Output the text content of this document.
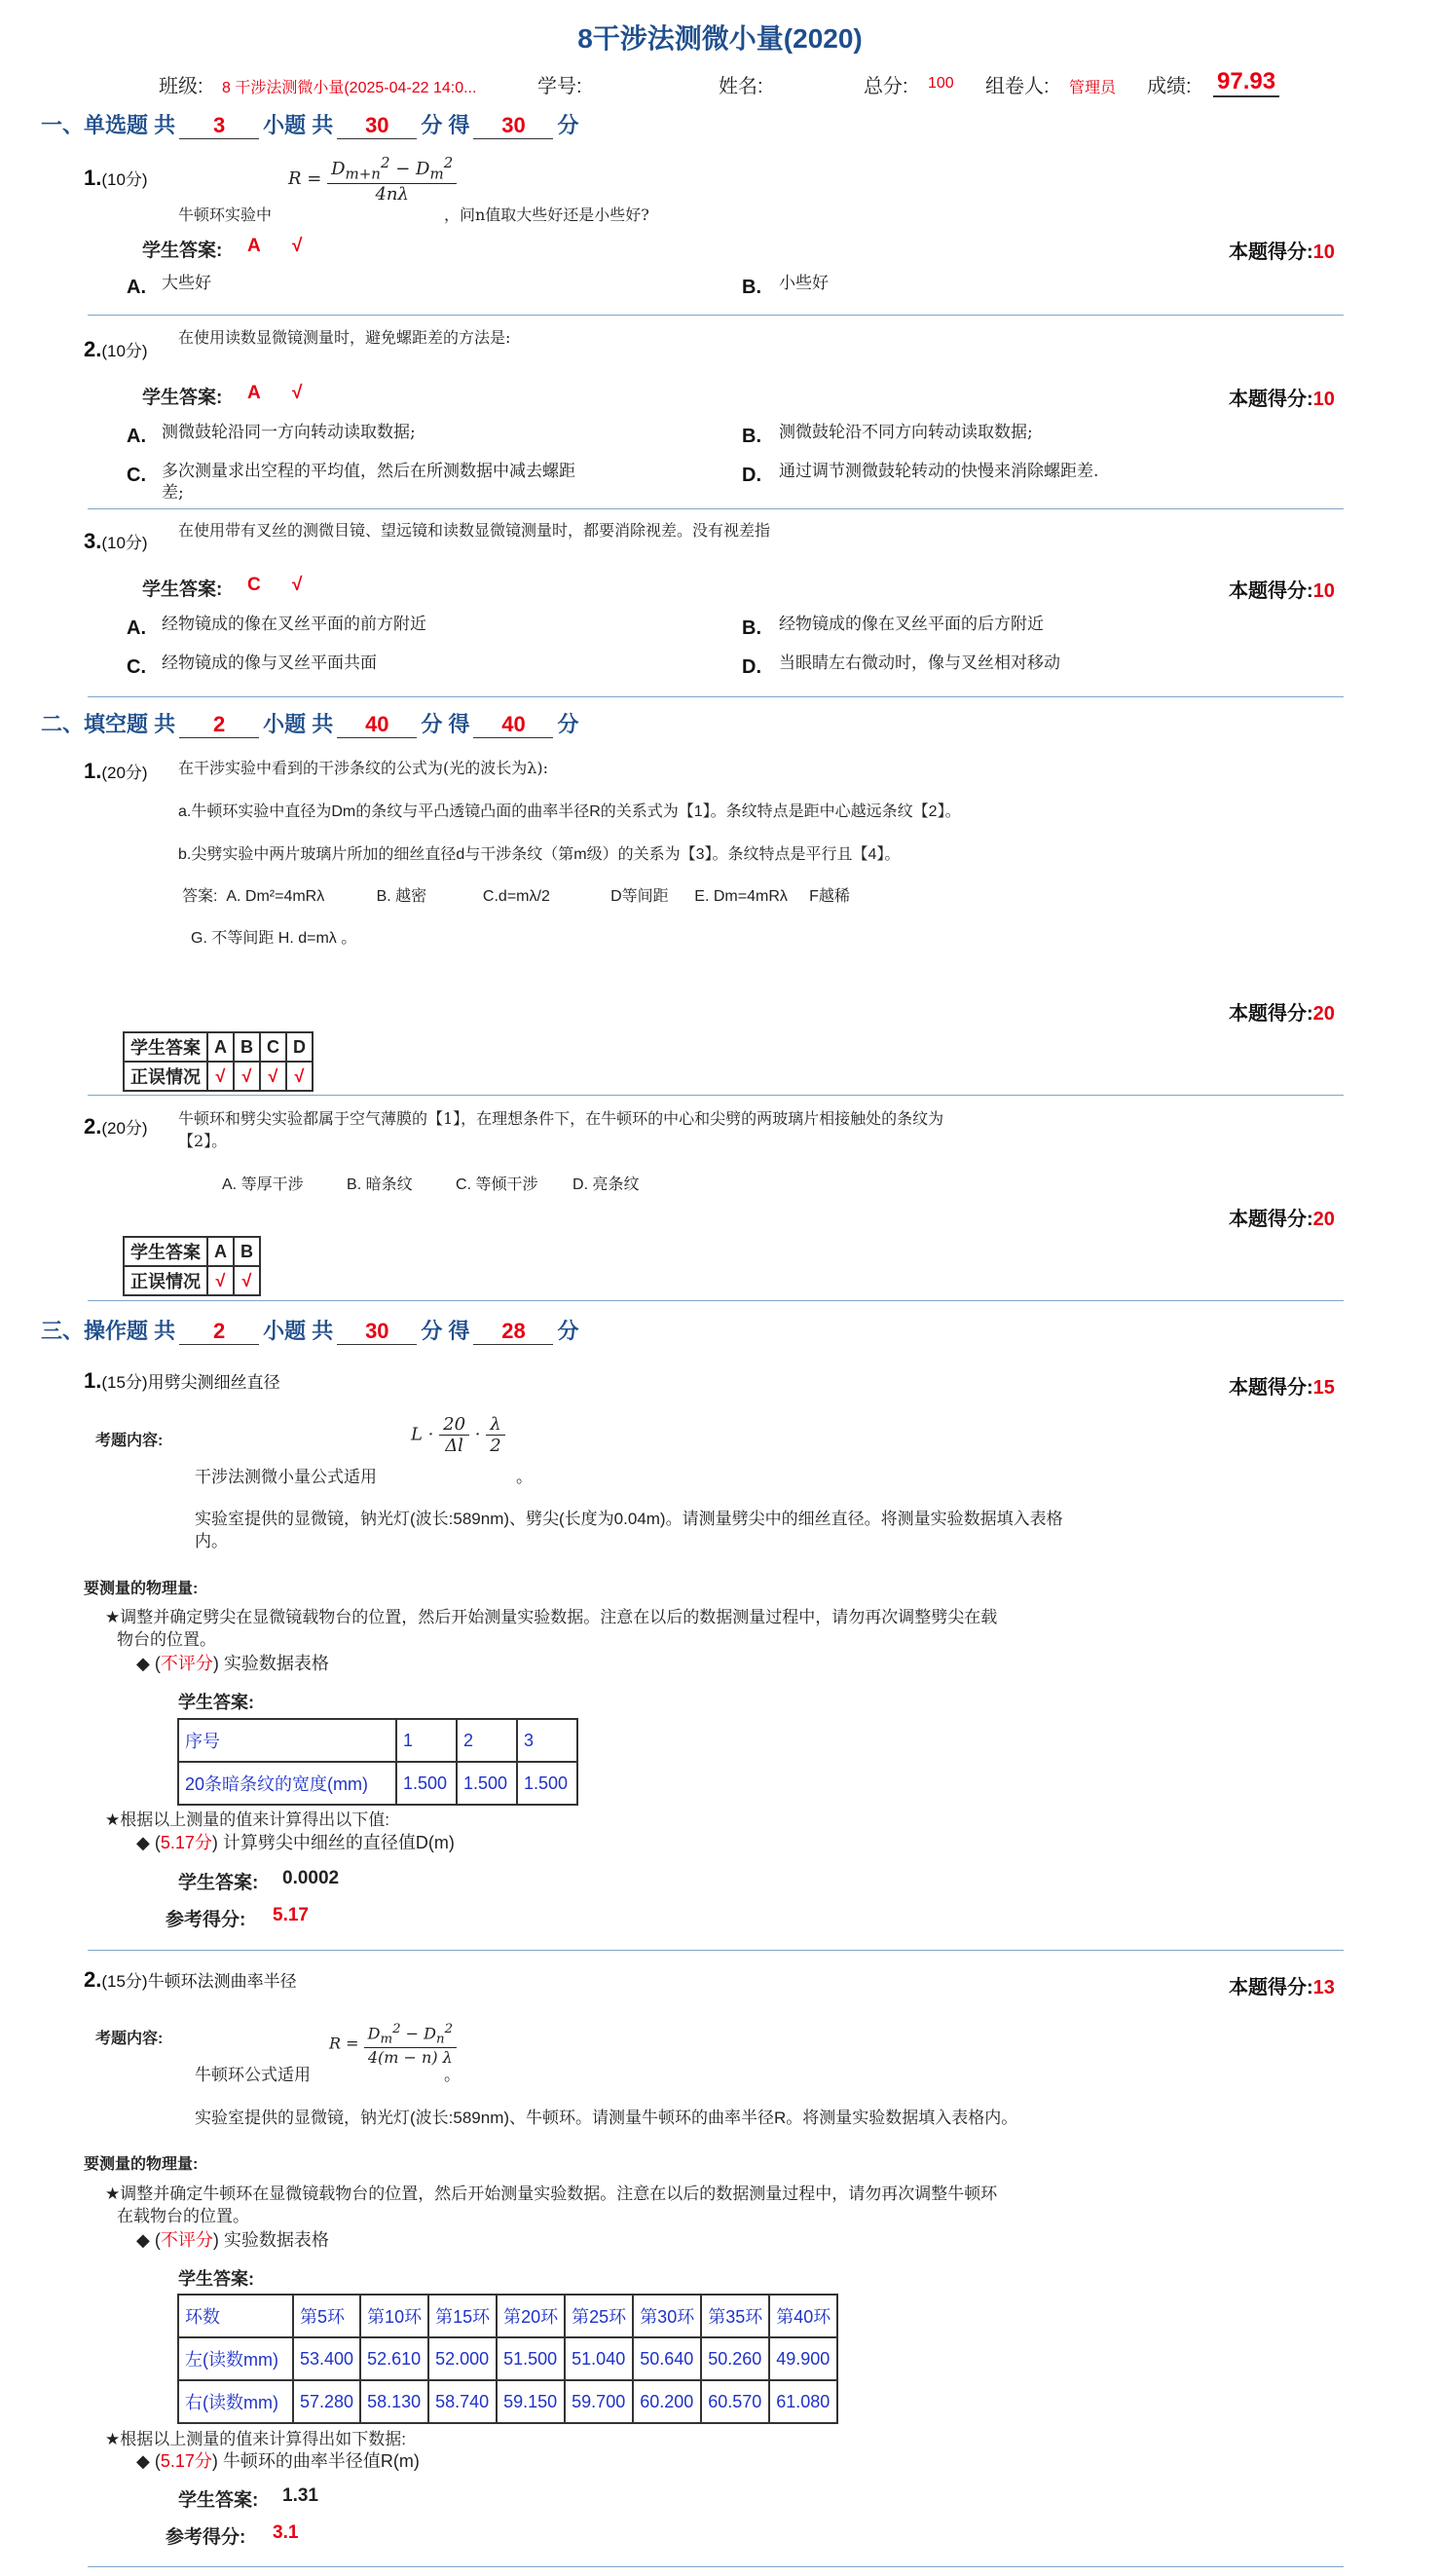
8干涉法测微小量(2020)
班级: 8 干涉法测微小量(2025-04-22 14:0...	学号:	姓名:	总分: 100 组卷人: 管理员 成绩: 97.93
一、单选题 共 3 小题 共 30 分 得 30 分
1.$^{(10分)}$
牛顿环实验中
$R = \frac{D_{m+n}^2 - D_m^2}{4n\lambda}$
，问n值取大些好还是小些好?
学生答案: A √	本题得分:10
A. 大些好	B. 小些好
2.$^{(10分)}$
在使用读数显微镜测量时，避免螺距差的方法是:
学生答案: A √	本题得分:10
A. 测微鼓轮沿同一方向转动读取数据;	B. 测微鼓轮沿不同方向转动读取数据;
C. 多次测量求出空程的平均值，然后在所测数据中减去螺距
差;
D. 通过调节测微鼓轮转动的快慢来消除螺距差.
3.$^{(10分)}$
在使用带有叉丝的测微目镜、望远镜和读数显微镜测量时，都要消除视差。没有视差指
学生答案: C √	本题得分:10
A. 经物镜成的像在叉丝平面的前方附近	B. 经物镜成的像在叉丝平面的后方附近
C. 经物镜成的像与叉丝平面共面	D. 当眼睛左右微动时，像与叉丝相对移动
二、填空题 共 2 小题 共 40 分 得 40 分
1.$^{(20分)}$ 在干涉实验中看到的干涉条纹的公式为(光的波长为λ):
a.牛顿环实验中直径为Dm的条纹与平凸透镜凸面的曲率半径R的关系式为【1】。条纹特点是距中心越远条纹【2】。
b.尖劈实验中两片玻璃片所加的细丝直径d与干涉条纹（第m级）的关系为【3】。条纹特点是平行且【4】。
答案:  A. Dm²=4mRλ            B. 越密             C.d=mλ/2              D等间距      E. Dm=4mRλ     F越稀
G. 不等间距 H. d=mλ 。
本题得分:20
学生答案	A	B	C	D
正误情况	√	√	√	√
2.$^{(20分)}$
牛顿环和劈尖实验都属于空气薄膜的【1】，在理想条件下，在牛顿环的中心和尖劈的两玻璃片相接触处的条纹为
【2】。
A. 等厚干涉          B. 暗条纹          C. 等倾干涉        D. 亮条纹
本题得分:20
学生答案	A	B
正误情况	√	√
三、操作题 共 2 小题 共 30 分 得 28 分
1.$^{(15分)用劈尖测细丝直径}$	本题得分:15
考题内容:
干涉法测微小量公式适用
$L \cdot \frac{20}{\Delta l} \cdot \frac{\lambda}{2}$
。
实验室提供的显微镜，钠光灯(波长:589nm)、劈尖(长度为0.04m)。请测量劈尖中的细丝直径。将测量实验数据填入表格
内。
要测量的物理量:
★调整并确定劈尖在显微镜载物台的位置，然后开始测量实验数据。注意在以后的数据测量过程中，请勿再次调整劈尖在载
物台的位置。
◆ (不评分) 实验数据表格
学生答案:
序号	1	2	3
20条暗条纹的宽度(mm)	1.500	1.500	1.500
★根据以上测量的值来计算得出以下值:
◆ (5.17分) 计算劈尖中细丝的直径值D(m)
学生答案: 0.0002
参考得分: 5.17
2.$^{(15分)牛顿环法测曲率半径}$	本题得分:13
考题内容:
牛顿环公式适用
$R = \frac{D_m^2 - D_n^2}{4(m - n) \lambda}$
。
实验室提供的显微镜，钠光灯(波长:589nm)、牛顿环。请测量牛顿环的曲率半径R。将测量实验数据填入表格内。
要测量的物理量:
★调整并确定牛顿环在显微镜载物台的位置，然后开始测量实验数据。注意在以后的数据测量过程中，请勿再次调整牛顿环
在载物台的位置。
◆ (不评分) 实验数据表格
学生答案:
环数	第5环	第10环	第15环	第20环	第25环	第30环	第35环	第40环
左(读数mm)	53.400	52.610	52.000	51.500	51.040	50.640	50.260	49.900
右(读数mm)	57.280	58.130	58.740	59.150	59.700	60.200	60.570	61.080
★根据以上测量的值来计算得出如下数据:
◆ (5.17分) 牛顿环的曲率半径值R(m)
学生答案: 1.31
参考得分: 3.1
